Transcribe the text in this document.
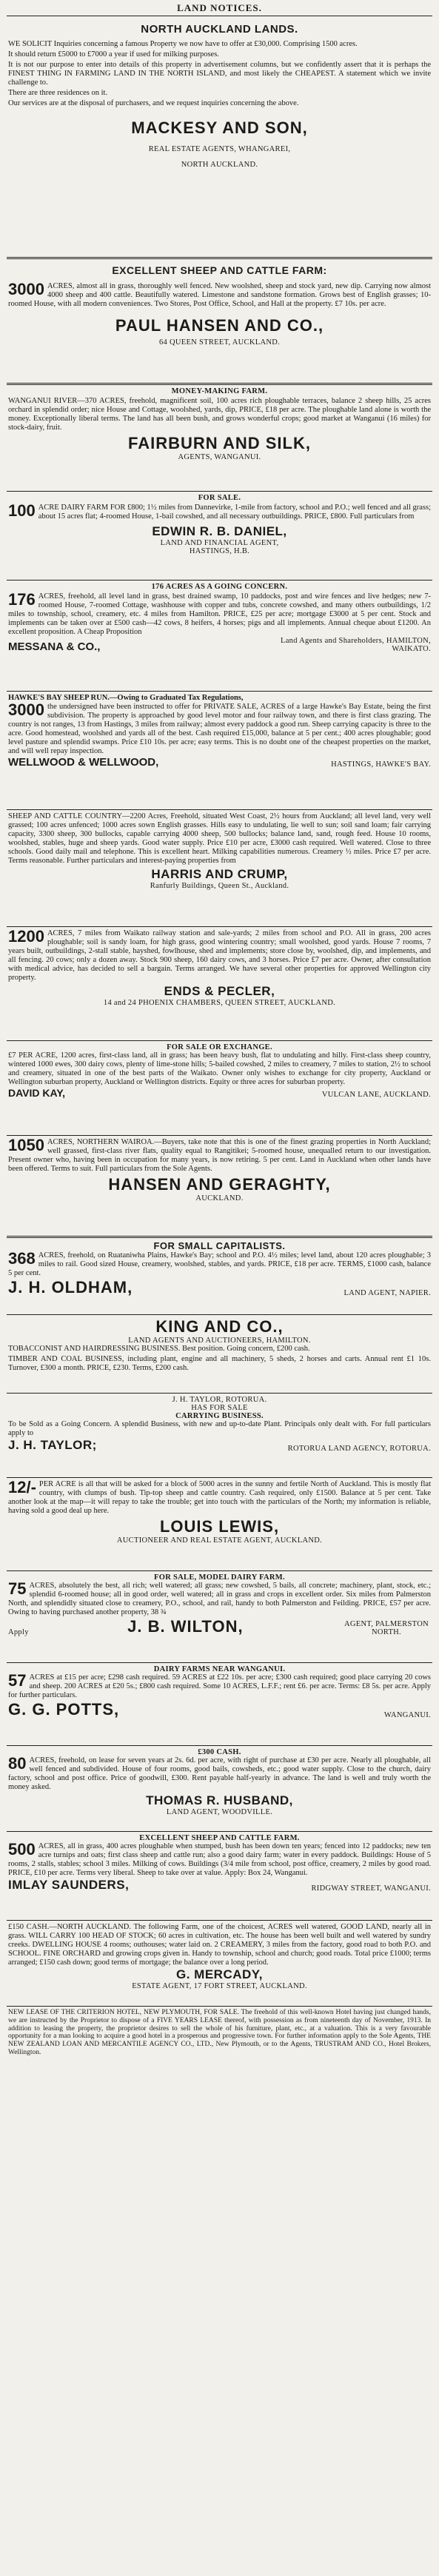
LAND NOTICES.
NORTH AUCKLAND LANDS.

WE SOLICIT Inquiries concerning a famous Property we now have to offer at £30,000. Comprising 1500 acres.

It should return £5000 to £7000 a year if used for milking purposes.

It is not our purpose to enter into details of this property in advertisement columns, but we confidently assert that it is perhaps the FINEST THING IN FARMING LAND IN THE NORTH ISLAND, and most likely the CHEAPEST. A statement which we invite challenge to.

There are three residences on it.

Our services are at the disposal of purchasers, and we request inquiries concerning the above.

MACKESY AND SON,
REAL ESTATE AGENTS, WHANGAREI,
NORTH AUCKLAND.
EXCELLENT SHEEP AND CATTLE FARM:
3000 ACRES, almost all in grass, thoroughly well fenced. New woolshed, sheep and stock yard, new dip. Carrying now almost 4000 sheep and 400 cattle. Beautifully watered. Limestone and sandstone formation. Grows best of English grasses; 10-roomed House, with all modern conveniences. Two Stores, Post Office, School, and Hall at the property. £7 10s. per acre.
PAUL HANSEN AND CO.,
64 QUEEN STREET, AUCKLAND.
MONEY-MAKING FARM.
WANGANUI RIVER—370 ACRES, freehold, magnificent soil, 100 acres rich ploughable terraces, balance 2 sheep hills, 25 acres orchard in splendid order; nice House and Cottage, woolshed, yards, dip, PRICE, £18 per acre. The ploughable land alone is worth the money. Exceptionally liberal terms. The land has all been bush, and grows wonderful crops; good market at Wanganui (16 miles) for stock-dairy, fruit.
FAIRBURN AND SILK,
AGENTS, WANGANUI.
FOR SALE.
100 ACRE DAIRY FARM FOR £800; 1½ miles from Dannevirke, 1-mile from factory, school and P.O.; well fenced and all grass; about 15 acres flat; 4-roomed House, 1-bail cowshed, and all necessary outbuildings. PRICE, £800. Full particulars from
EDWIN R. B. DANIEL,
LAND AND FINANCIAL AGENT,
HASTINGS, H.B.
176 ACRES AS A GOING CONCERN.
176 ACRES, freehold, all level land in grass, best drained swamp, 10 paddocks, post and wire fences and live hedges; new 7-roomed House, 7-roomed Cottage, washhouse with copper and tubs, concrete cowshed, and many others outbuildings, 1/2 miles to township, school, creamery, etc. 4 miles from Hamilton. PRICE, £25 per acre; mortgage £3000 at 5 per cent. Stock and implements can be taken over at £500 cash—42 cows, 8 heifers, 4 horses; pigs and all implements. Annual cheque about £1200. An excellent proposition. A Cheap Proposition
MESSANA & CO.,	Land Agents and Shareholders, HAMILTON, WAIKATO.
HAWKE'S BAY SHEEP RUN.—Owing to Graduated Tax Regulations,
3000 the undersigned have been instructed to offer for PRIVATE SALE, ACRES of a large Hawke's Bay Estate, being the first subdivision. The property is approached by good level motor and four railway town, and there is first class grazing. The country is not ranges, 13 from Hastings, 3 miles from railway; almost every paddock a good run. Sheep carrying capacity is three to the acre. Good homestead, woolshed and yards all of the best. Cash required £15,000, balance at 5 per cent.; 400 acres ploughable; good level pasture and splendid swamps. Price £10 10s. per acre; easy terms. This is no doubt one of the cheapest properties on the market, and will well repay inspection.
WELLWOOD & WELLWOOD,	HASTINGS, HAWKE'S BAY.
SHEEP AND CATTLE COUNTRY—2200 Acres, Freehold, situated West Coast, 2½ hours from Auckland; all level land, very well grassed; 100 acres unfenced; 1000 acres sown English grasses. Hills easy to undulating, lie well to sun; soil sand loam; fair carrying capacity, 3300 sheep, 300 bullocks, capable carrying 4000 sheep, 500 bullocks; balance land, sand, rough feed. House 10 rooms, woolshed, stables, huge and sheep yards. Good water supply. Price £10 per acre, £3000 cash required. Well watered. Close to three schools. Good daily mail and telephone. This is excellent heart. Milking capabilities numerous. Creamery ½ miles. Price £7 per acre. Terms reasonable. Further particulars and interest-paying properties from
HARRIS AND CRUMP,
Ranfurly Buildings, Queen St., Auckland.
1200 ACRES, 7 miles from Waikato railway station and sale-yards; 2 miles from school and P.O. All in grass, 200 acres ploughable; soil is sandy loam, for high grass, good wintering country; small woolshed, good yards. House 7 rooms, 7 years built, outbuildings, 2-stall stable, hayshed, fowlhouse, shed and implements; store close by, woolshed, dip, and implements, and all fencing. 20 cows; only a dozen away. Stock 900 sheep, 160 dairy cows, and 3 horses. Price £7 per acre. Owner, after consultation with medical advice, has decided to sell a bargain. Terms arranged. We have several other properties for approved Wellington city property.
ENDS & PECLER,
14 and 24 PHOENIX CHAMBERS, QUEEN STREET, AUCKLAND.
FOR SALE OR EXCHANGE.
£7 PER ACRE, 1200 acres, first-class land, all in grass; has been heavy bush, flat to undulating and hilly. First-class sheep country, wintered 1000 ewes, 300 dairy cows, plenty of lime-stone hills; 5-bailed cowshed, 2 miles to creamery, 7 miles to station, 2½ to school and creamery, situated in one of the best parts of the Waikato. Owner only wishes to exchange for city property, Auckland or Wellington suburban property, Auckland or Wellington districts. Equity or three acres for suburban property.
DAVID KAY,	VULCAN LANE, AUCKLAND.
1050 ACRES, NORTHERN WAIROA.—Buyers, take note that this is one of the finest grazing properties in North Auckland; well grassed, first-class river flats, quality equal to Rangitikei; 5-roomed house, unequalled return to our investigation. Present owner who, having been in occupation for many years, is now retiring. 5 per cent. Land in Auckland when other lands have been offered. Terms to suit. Full particulars from the Sole Agents.
HANSEN AND GERAGHTY,
AUCKLAND.
FOR SMALL CAPITALISTS.
368 ACRES, freehold, on Ruataniwha Plains, Hawke's Bay; school and P.O. 4½ miles; level land, about 120 acres ploughable; 3 miles to rail. Good sized House, creamery, woolshed, stables, and yards. PRICE, £18 per acre. TERMS, £1000 cash, balance 5 per cent.
J. H. OLDHAM,	LAND AGENT, NAPIER.
KING AND CO.,
LAND AGENTS AND AUCTIONEERS, HAMILTON.

TOBACCONIST AND HAIRDRESSING BUSINESS. Best position. Going concern, £200 cash.

TIMBER AND COAL BUSINESS, including plant, engine and all machinery, 5 sheds, 2 horses and carts. Annual rent £1 10s. Turnover, £300 a month. PRICE, £230. Terms, £200 cash.

J. H. TAYLOR, ROTORUA.
HAS FOR SALE
CARRYING BUSINESS.
To be Sold as a Going Concern. A splendid Business, with new and up-to-date Plant. Principals only dealt with. For full particulars apply to
J. H. TAYLOR;	ROTORUA LAND AGENCY, ROTORUA.
12/- PER ACRE is all that will be asked for a block of 5000 acres in the sunny and fertile North of Auckland. This is mostly flat country, with clumps of bush. Tip-top sheep and cattle country. Cash required, only £1500. Balance at 5 per cent. Take another look at the map—it will repay to take the trouble; get into touch with the particulars of the North; my information is reliable, having sold a good deal up here.
LOUIS LEWIS,
AUCTIONEER AND REAL ESTATE AGENT, AUCKLAND.
FOR SALE, MODEL DAIRY FARM.
75 ACRES, absolutely the best, all rich; well watered; all grass; new cowshed, 5 bails, all concrete; machinery, plant, stock, etc.; splendid 6-roomed house; all in good order, well watered; all in grass and crops in excellent order. Six miles from Palmerston North, and splendidly situated close to creamery, P.O., school, and rail, handy to both Palmerston and Feilding. PRICE, £57 per acre. Owing to having purchased another property, 38 ¾
Apply	J. B. WILTON,	AGENT, PALMERSTON NORTH.
DAIRY FARMS NEAR WANGANUI.
57 ACRES at £15 per acre; £298 cash required. 59 ACRES at £22 10s. per acre; £300 cash required; good place carrying 20 cows and sheep. 200 ACRES at £20 5s.; £800 cash required. Some 10 ACRES, L.F.F.; rent £6. per acre. Terms: £8 5s. per acre. Apply for further particulars.
G. G. POTTS,	WANGANUI.
£300 CASH.
80 ACRES, freehold, on lease for seven years at 2s. 6d. per acre, with right of purchase at £30 per acre. Nearly all ploughable, all well fenced and subdivided. House of four rooms, good bails, cowsheds, etc.; good water supply. Close to the church, dairy factory, school and post office. Price of goodwill, £300. Rent payable half-yearly in advance. The land is well and truly worth the money asked.
THOMAS R. HUSBAND,
LAND AGENT, WOODVILLE.
EXCELLENT SHEEP AND CATTLE FARM.
500 ACRES, all in grass, 400 acres ploughable when stumped, bush has been down ten years; fenced into 12 paddocks; new ten acre turnips and oats; first class sheep and cattle run; also a good dairy farm; water in every paddock. Buildings: House of 5 rooms, 2 stalls, stables; school 3 miles. Milking of cows. Buildings (3/4 mile from school, post office, creamery, 2 miles by good road. PRICE, £10 per acre. Terms very liberal. Sheep to take over at value. Apply: Box 24, Wanganui.
IMLAY SAUNDERS,	RIDGWAY STREET, WANGANUI.
£150 CASH.—NORTH AUCKLAND. The following Farm, one of the choicest, ACRES well watered, GOOD LAND, nearly all in grass. WILL CARRY 100 HEAD OF STOCK; 60 acres in cultivation, etc. The house has been well built and well watered by sundry creeks. DWELLING HOUSE 4 rooms; outhouses; water laid on. 2 CREAMERY, 3 miles from the factory, good road to both P.O. and SCHOOL. FINE ORCHARD and growing crops given in. Handy to township, school and church; good roads. Total price £1000; terms arranged; £150 cash down; good terms of mortgage; the balance over a long period.
G. MERCADY,
ESTATE AGENT, 17 FORT STREET, AUCKLAND.
NEW LEASE OF THE CRITERION HOTEL, NEW PLYMOUTH, FOR SALE. The freehold of this well-known Hotel having just changed hands, we are instructed by the Proprietor to dispose of a FIVE YEARS LEASE thereof, with possession as from nineteenth day of November, 1913. In addition to leasing the property, the proprietor desires to sell the whole of his furniture, plant, etc., at a valuation. This is a very favourable opportunity for a man looking to acquire a good hotel in a prosperous and progressive town. For further information apply to the Sole Agents, THE NEW ZEALAND LOAN AND MERCANTILE AGENCY CO., LTD., New Plymouth, or to the Agents, TRUSTRAM AND CO., Hotel Brokers, Wellington.
